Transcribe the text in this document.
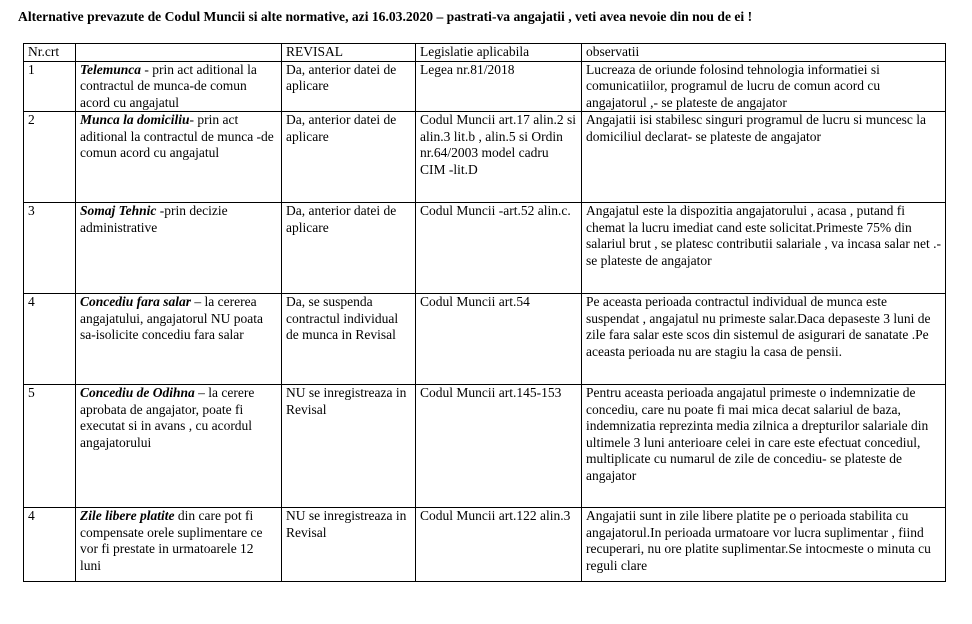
Alternative prevazute de Codul Muncii si alte normative, azi 16.03.2020 – pastrati-va angajatii , veti avea nevoie din nou de ei !
Nr.crt		REVISAL	Legislatie aplicabila	observatii
1	Telemunca - prin act aditional la contractul de munca-de comun acord cu angajatul	Da, anterior datei de aplicare	Legea nr.81/2018	Lucreaza de oriunde folosind tehnologia informatiei si comunicatiilor, programul de lucru de comun acord cu angajatorul ,- se plateste de angajator
2	Munca la domiciliu- prin act aditional la contractul de munca -de comun acord cu angajatul	Da, anterior datei de aplicare	Codul Muncii art.17 alin.2 si alin.3 lit.b , alin.5 si Ordin nr.64/2003 model cadru CIM -lit.D	Angajatii isi stabilesc singuri programul de lucru si muncesc la domiciliul declarat- se plateste de angajator
3	Somaj Tehnic -prin decizie administrative	Da, anterior datei de aplicare	Codul Muncii -art.52 alin.c.	Angajatul este la dispozitia angajatorului , acasa , putand fi chemat la lucru imediat cand este solicitat.Primeste 75% din salariul brut , se platesc contributii salariale , va incasa salar net .- se plateste de angajator
4	Concediu fara salar – la cererea angajatului, angajatorul NU poata sa-isolicite concediu fara salar	Da, se suspenda contractul individual de munca in Revisal	Codul Muncii art.54	Pe aceasta perioada contractul individual de munca este suspendat , angajatul nu primeste salar.Daca depaseste 3 luni de zile fara salar este scos din sistemul de asigurari de sanatate .Pe aceasta perioada nu are stagiu la casa de pensii.
5	Concediu de Odihna – la cerere aprobata de angajator, poate fi executat si in avans , cu acordul angajatorului	NU se inregistreaza in Revisal	Codul Muncii art.145-153	Pentru aceasta perioada angajatul primeste o indemnizatie de concediu, care nu poate fi mai mica decat salariul de baza, indemnizatia reprezinta media zilnica a drepturilor salariale din ultimele 3 luni anterioare celei in care este efectuat concediul, multiplicate cu numarul de zile de concediu- se plateste de angajator
4	Zile libere platite din care pot fi compensate orele suplimentare ce vor fi prestate in urmatoarele 12 luni	NU se inregistreaza in Revisal	Codul Muncii art.122 alin.3	Angajatii sunt in zile libere platite pe o perioada stabilita cu angajatorul.In perioada urmatoare vor lucra suplimentar , fiind recuperari, nu ore platite suplimentar.Se intocmeste o minuta cu reguli clare
